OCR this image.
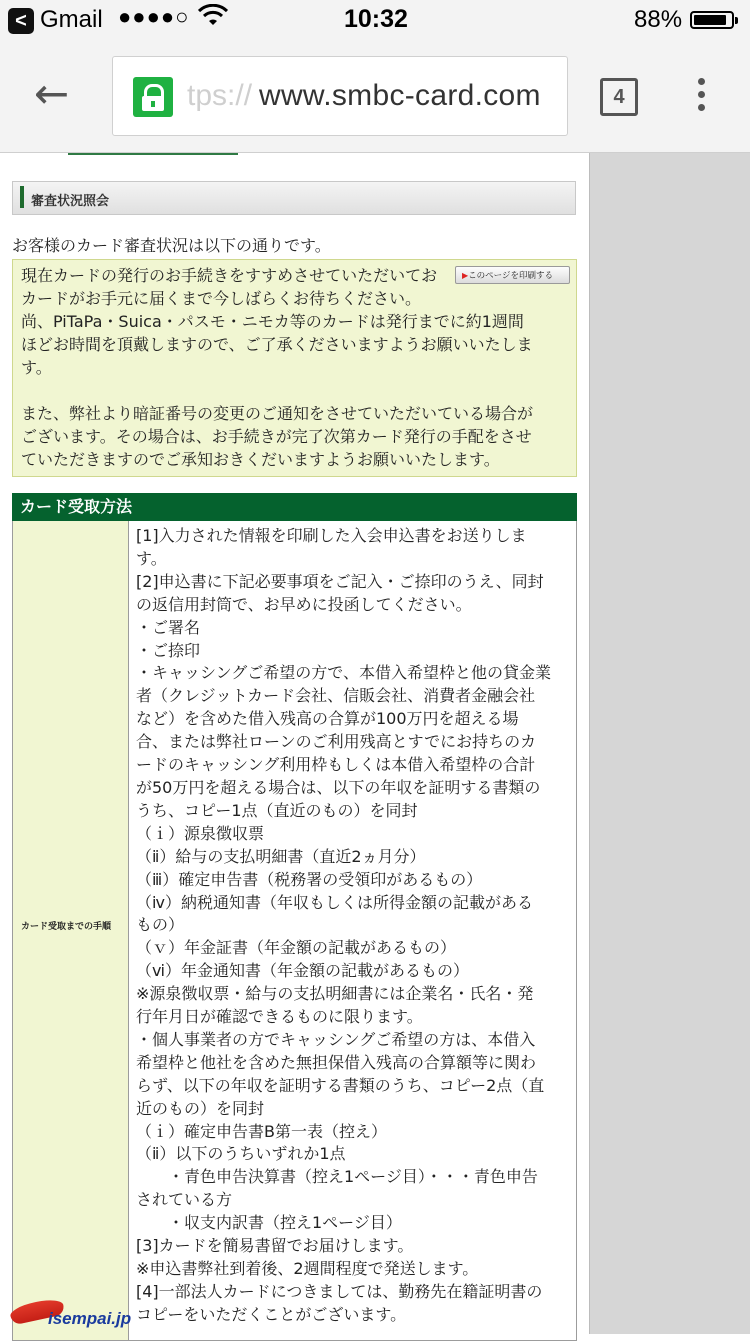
< Gmail ●●●●○	10:32	88%
←	tps:// www.smbc-card.com	4
審査状況照会
お客様のカード審査状況は以下の通りです。
現在カードの発行のお手続きをすすめさせていただいてお
カードがお手元に届くまで今しばらくお待ちください。
尚、PiTaPa・Suica・パスモ・ニモカ等のカードは発行までに約1週間
ほどお時間を頂戴しますので、ご了承くださいますようお願いいたしま
す。

また、弊社より暗証番号の変更のご通知をさせていただいている場合が
ございます。その場合は、お手続きが完了次第カード発行の手配をさせ
ていただきますのでご承知おきくだいますようお願いいたします。
▶このページを印刷する
カード受取方法
カード受取までの手順
[1]入力された情報を印刷した入会申込書をお送りしま
す。
[2]申込書に下記必要事項をご記入・ご捺印のうえ、同封
の返信用封筒で、お早めに投函してください。
・ご署名
・ご捺印
・キャッシングご希望の方で、本借入希望枠と他の貸金業
者（クレジットカード会社、信販会社、消費者金融会社
など）を含めた借入残高の合算が100万円を超える場
合、または弊社ローンのご利用残高とすでにお持ちのカ
ードのキャッシング利用枠もしくは本借入希望枠の合計
が50万円を超える場合は、以下の年収を証明する書類の
うち、コピー1点（直近のもの）を同封
（ｉ）源泉徴収票
（ⅱ）給与の支払明細書（直近2ヵ月分）
（ⅲ）確定申告書（税務署の受領印があるもの）
（ⅳ）納税通知書（年収もしくは所得金額の記載がある
もの）
（ｖ）年金証書（年金額の記載があるもの）
（ⅵ）年金通知書（年金額の記載があるもの）
※源泉徴収票・給与の支払明細書には企業名・氏名・発
行年月日が確認できるものに限ります。
・個人事業者の方でキャッシングご希望の方は、本借入
希望枠と他社を含めた無担保借入残高の合算額等に関わ
らず、以下の年収を証明する書類のうち、コピー2点（直
近のもの）を同封
（ｉ）確定申告書B第一表（控え）
（ⅱ）以下のうちいずれか1点
　　・青色申告決算書（控え1ページ目）・・・青色申告
されている方
　　・収支内訳書（控え1ページ目）
[3]カードを簡易書留でお届けします。
※申込書弊社到着後、2週間程度で発送します。
[4]一部法人カードにつきましては、勤務先在籍証明書の
コピーをいただくことがございます。
isempai.jp
